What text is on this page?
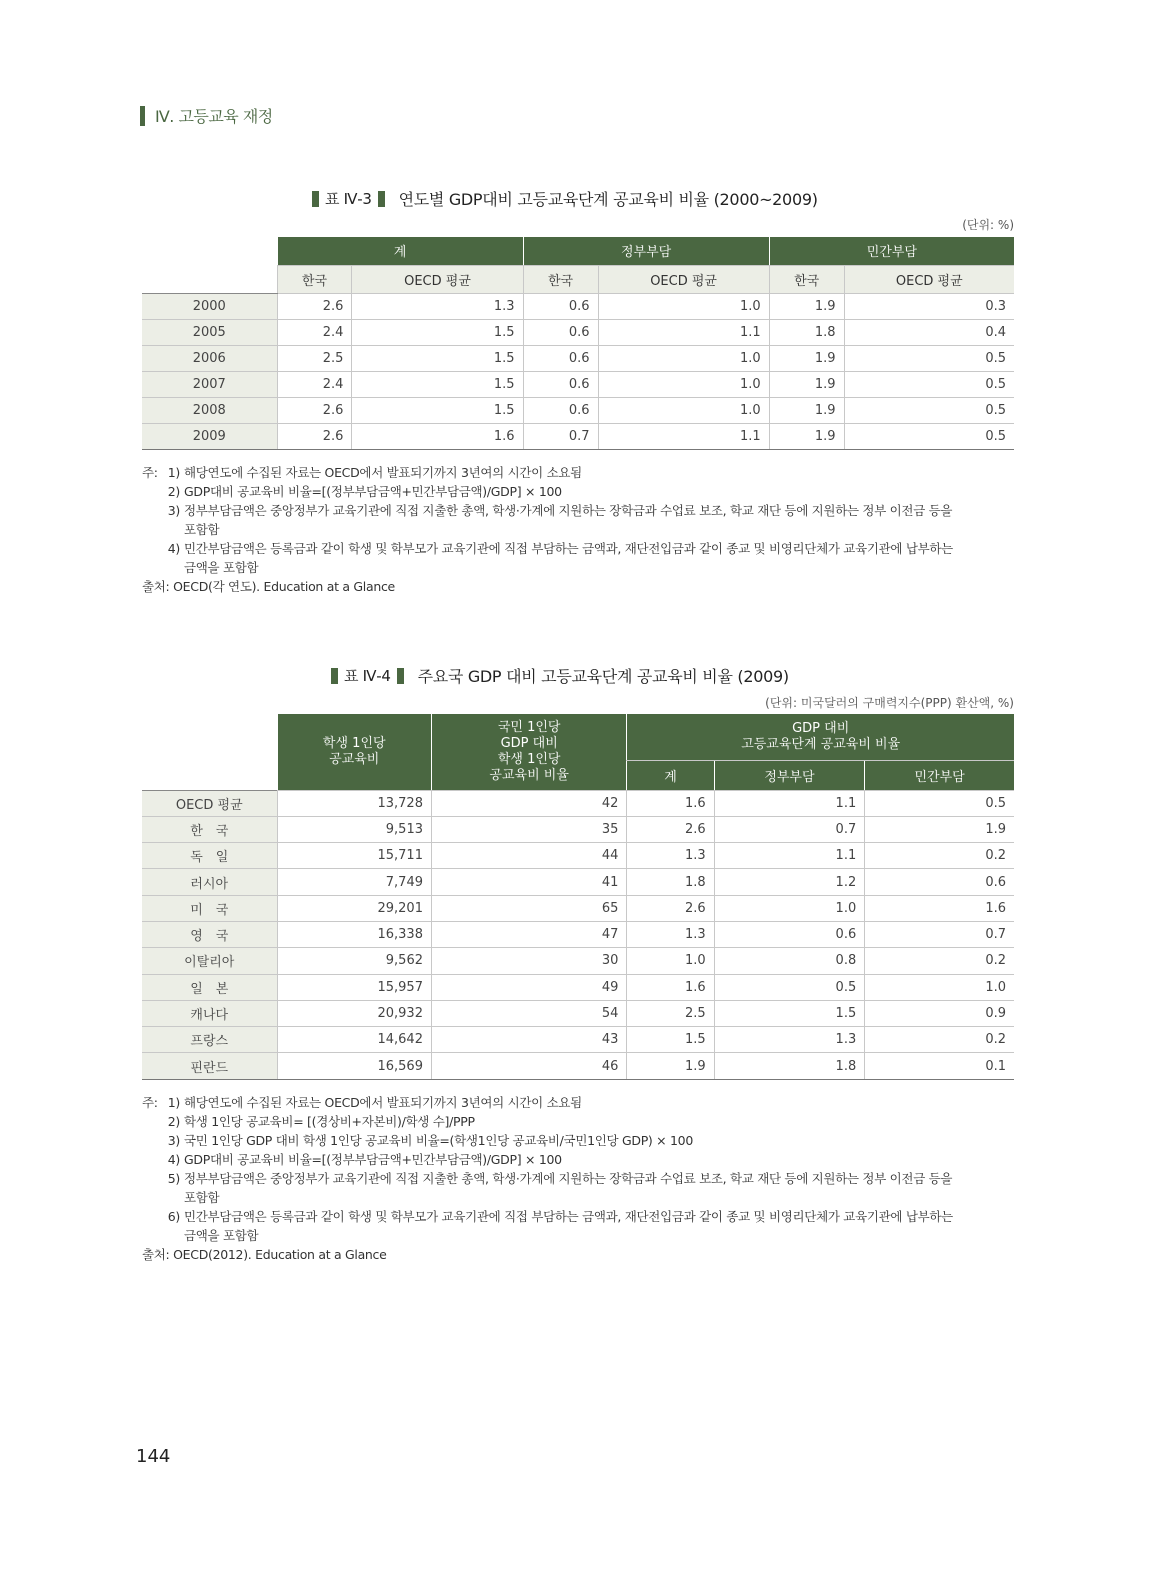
Ⅳ. 고등교육 재정
표 Ⅳ-3 연도별 GDP대비 고등교육단계 공교육비 비율 (2000~2009)
(단위: %)
	계		정부부담		민간부담	
	한국	OECD 평균	한국	OECD 평균	한국	OECD 평균
2000	2.6	1.3	0.6	1.0	1.9	0.3
2005	2.4	1.5	0.6	1.1	1.8	0.4
2006	2.5	1.5	0.6	1.0	1.9	0.5
2007	2.4	1.5	0.6	1.0	1.9	0.5
2008	2.6	1.5	0.6	1.0	1.9	0.5
2009	2.6	1.6	0.7	1.1	1.9	0.5
주: 1) 해당연도에 수집된 자료는 OECD에서 발표되기까지 3년여의 시간이 소요됨
2) GDP대비 공교육비 비율=[(정부부담금액+민간부담금액)/GDP] × 100
3) 정부부담금액은 중앙정부가 교육기관에 직접 지출한 총액, 학생·가계에 지원하는 장학금과 수업료 보조, 학교 재단 등에 지원하는 정부 이전금 등을
포함함
4) 민간부담금액은 등록금과 같이 학생 및 학부모가 교육기관에 직접 부담하는 금액과, 재단전입금과 같이 종교 및 비영리단체가 교육기관에 납부하는
금액을 포함함
출처: OECD(각 연도). Education at a Glance
표 Ⅳ-4 주요국 GDP 대비 고등교육단계 공교육비 비율 (2009)
(단위: 미국달러의 구매력지수(PPP) 환산액, %)
	학생 1인당
공교육비	국민 1인당
GDP 대비
학생 1인당
공교육비 비율	GDP 대비
고등교육단계 공교육비 비율		
			계	정부부담	민간부담
OECD 평균	13,728	42	1.6	1.1	0.5
한　국	9,513	35	2.6	0.7	1.9
독　일	15,711	44	1.3	1.1	0.2
러시아	7,749	41	1.8	1.2	0.6
미　국	29,201	65	2.6	1.0	1.6
영　국	16,338	47	1.3	0.6	0.7
이탈리아	9,562	30	1.0	0.8	0.2
일　본	15,957	49	1.6	0.5	1.0
캐나다	20,932	54	2.5	1.5	0.9
프랑스	14,642	43	1.5	1.3	0.2
핀란드	16,569	46	1.9	1.8	0.1
주: 1) 해당연도에 수집된 자료는 OECD에서 발표되기까지 3년여의 시간이 소요됨
2) 학생 1인당 공교육비= [(경상비+자본비)/학생 수]/PPP
3) 국민 1인당 GDP 대비 학생 1인당 공교육비 비율=(학생1인당 공교육비/국민1인당 GDP) × 100
4) GDP대비 공교육비 비율=[(정부부담금액+민간부담금액)/GDP] × 100
5) 정부부담금액은 중앙정부가 교육기관에 직접 지출한 총액, 학생·가계에 지원하는 장학금과 수업료 보조, 학교 재단 등에 지원하는 정부 이전금 등을
포함함
6) 민간부담금액은 등록금과 같이 학생 및 학부모가 교육기관에 직접 부담하는 금액과, 재단전입금과 같이 종교 및 비영리단체가 교육기관에 납부하는
금액을 포함함
출처: OECD(2012). Education at a Glance
144
